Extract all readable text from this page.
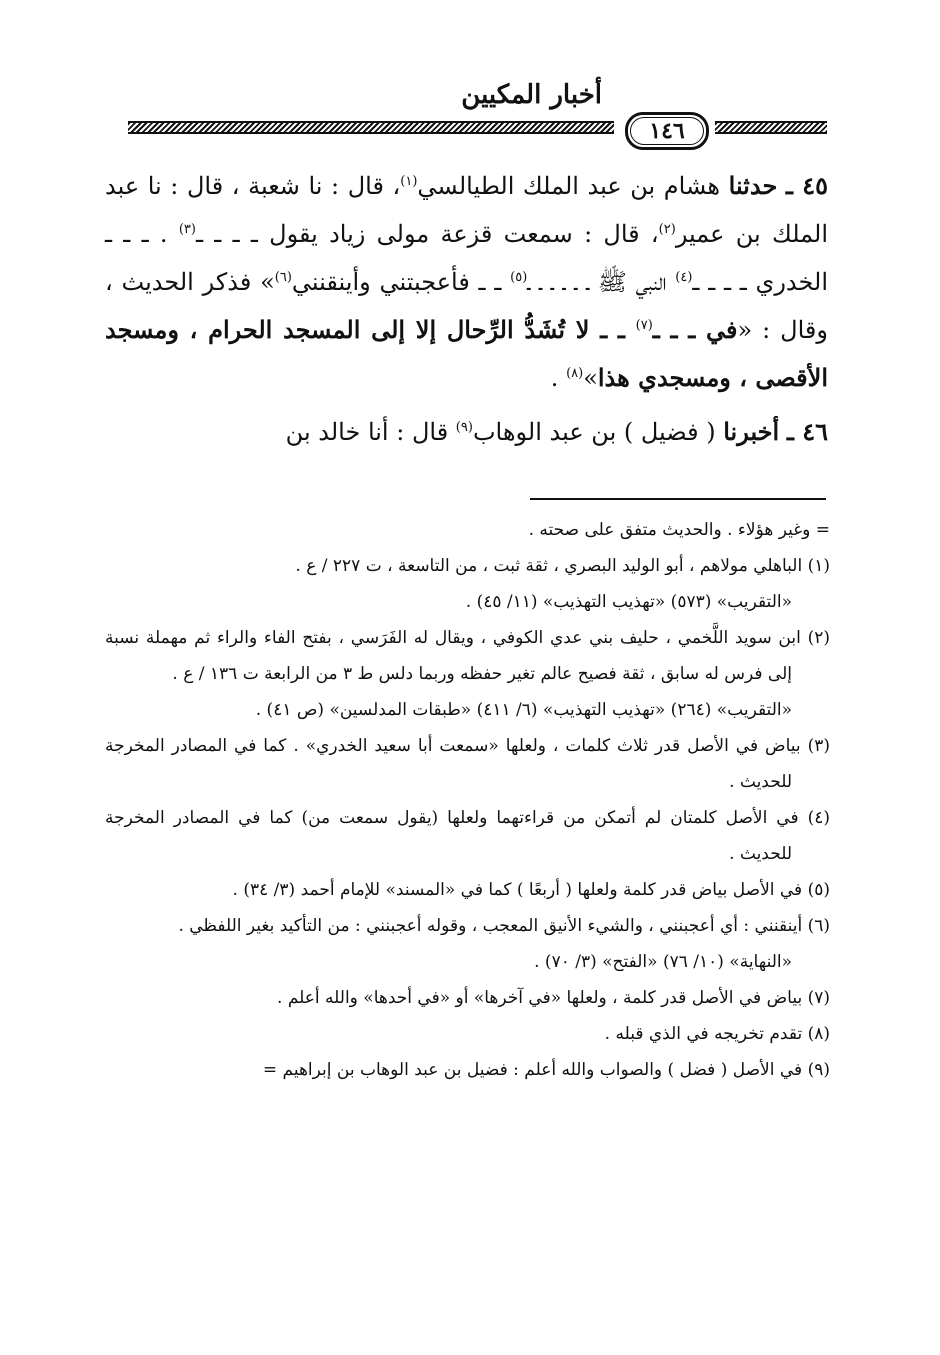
أخبار المكيين
١٤٦

٤٥ ـ حدثنا هشام بن عبد الملك الطيالسي$^{(١)}$، قال : نا شعبة ، قال : نا عبد الملك بن عمير$^{(٢)}$، قال : سمعت قزعة مولى زياد يقول ـ ـ ـ ـ$^{(٣)}$ . ـ ـ ـ الخدري ـ ـ ـ ـ$^{(٤)}$ النبي ﷺ ـ ـ ـ ـ ـ ـ$^{(٥)}$ ـ ـ فأعجبتني وأينقنني$^{(٦)}$» فذكر الحديث ، وقال : «في ـ ـ ـ$^{(٧)}$ ـ ـ لا تُشَدُّ الرِّحال إلا إلى المسجد الحرام ، ومسجد الأقصى ، ومسجدي هذا»$^{(٨)}$ .

٤٦ ـ أخبرنا ( فضيل ) بن عبد الوهاب$^{(٩)}$ قال : أنا خالد بن

= وغير هؤلاء . والحديث متفق على صحته .

(١) الباهلي مولاهم ، أبو الوليد البصري ، ثقة ثبت ، من التاسعة ، ت ٢٢٧ / ع .

«التقريب» (٥٧٣) «تهذيب التهذيب» (١١/ ٤٥) .

(٢) ابن سويد اللَّخمي ، حليف بني عدي الكوفي ، ويقال له الفَرَسي ، بفتح الفاء والراء ثم مهملة نسبة إلى فرس له سابق ، ثقة فصيح عالم تغير حفظه وربما دلس ط ٣ من الرابعة ت ١٣٦ / ع .

«التقريب» (٢٦٤) «تهذيب التهذيب» (٦/ ٤١١) «طبقات المدلسين» (ص ٤١) .

(٣) بياض في الأصل قدر ثلاث كلمات ، ولعلها «سمعت أبا سعيد الخدري» . كما في المصادر المخرجة للحديث .

(٤) في الأصل كلمتان لم أتمكن من قراءتهما ولعلها (يقول سمعت من) كما في المصادر المخرجة للحديث .

(٥) في الأصل بياض قدر كلمة ولعلها ( أربعًا ) كما في «المسند» للإمام أحمد (٣/ ٣٤) .

(٦) أينقنني : أي أعجبنني ، والشيء الأنيق المعجب ، وقوله أعجبنني : من التأكيد بغير اللفظي .

«النهاية» (١٠/ ٧٦) «الفتح» (٣/ ٧٠) .

(٧) بياض في الأصل قدر كلمة ، ولعلها «في آخرها» أو «في أحدها» والله أعلم .

(٨) تقدم تخريجه في الذي قبله .

(٩) في الأصل ( فضل ) والصواب والله أعلم : فضيل بن عبد الوهاب بن إبراهيم =
